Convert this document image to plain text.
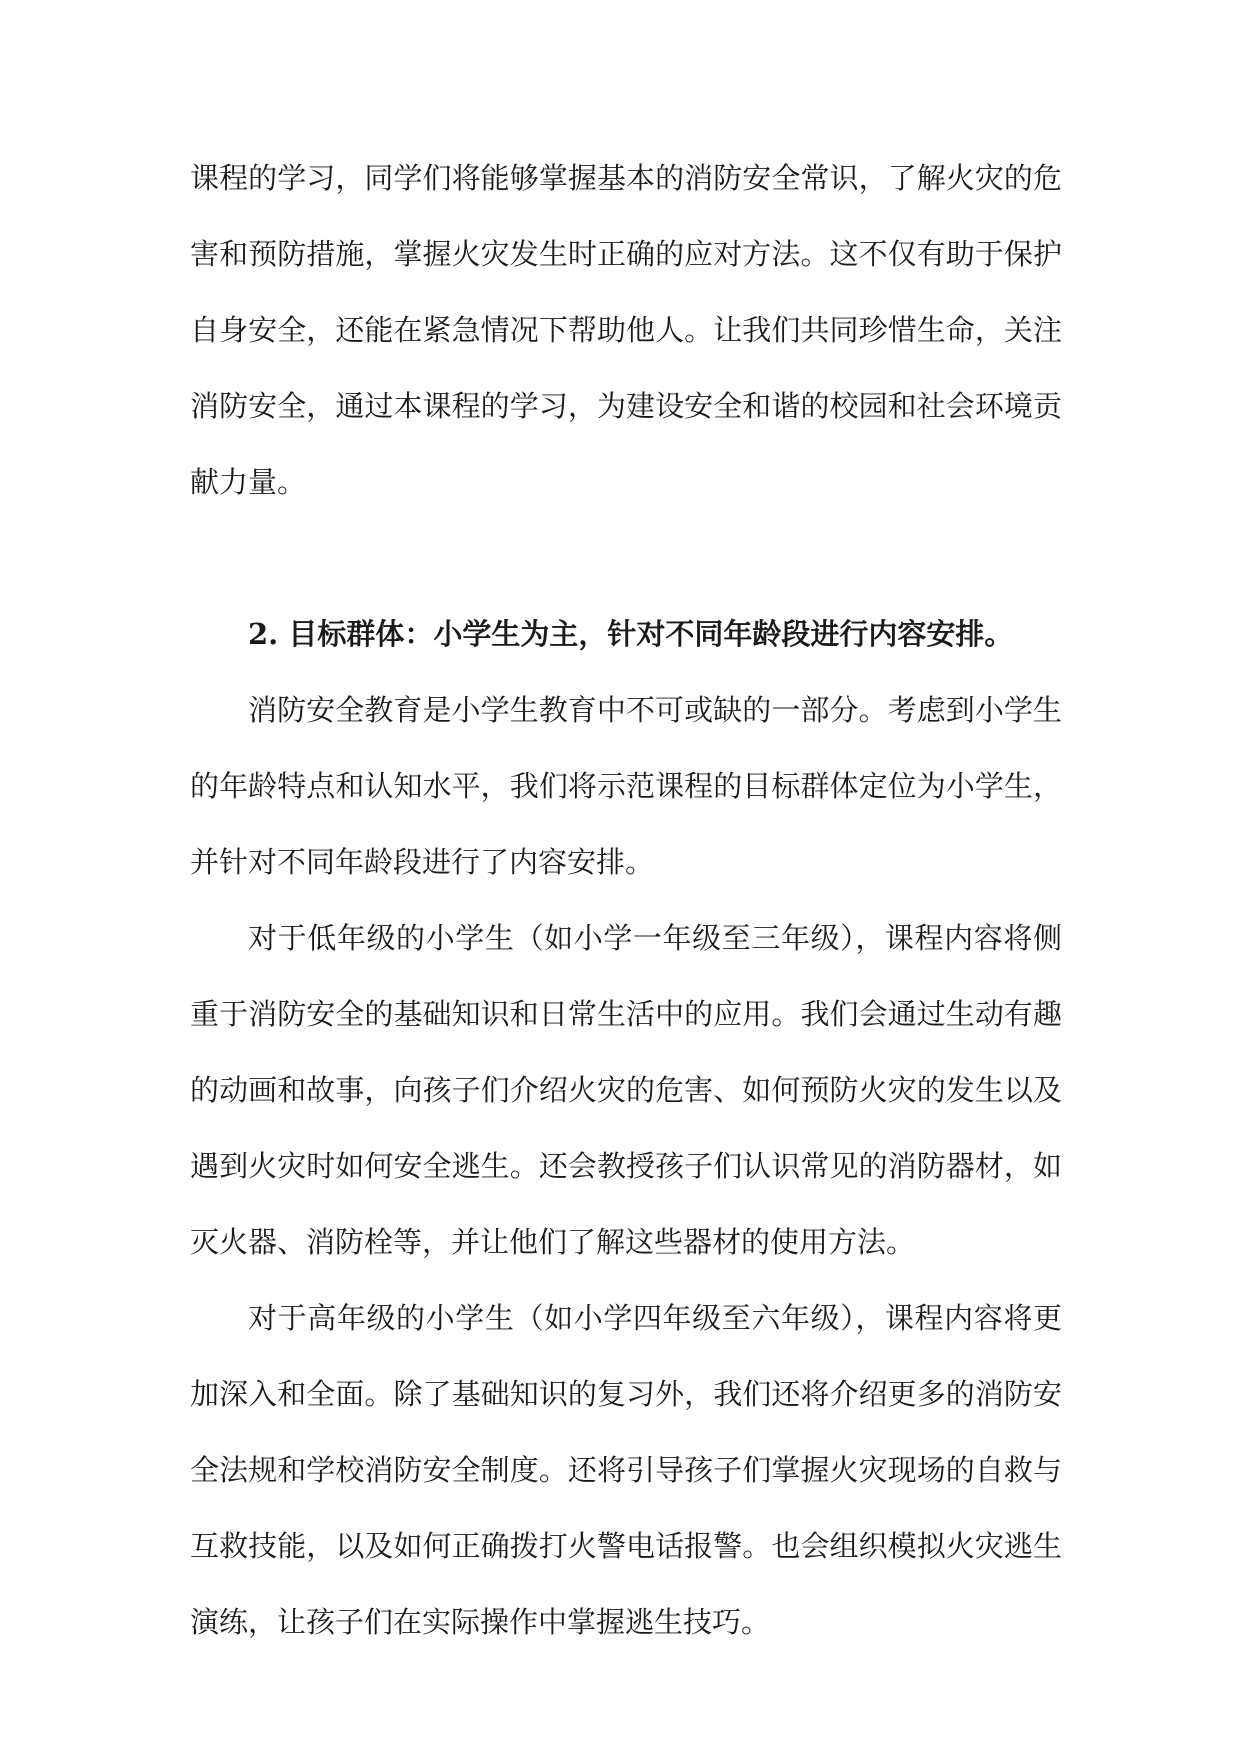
课程的学习，同学们将能够掌握基本的消防安全常识，了解火灾的危害和预防措施，掌握火灾发生时正确的应对方法。这不仅有助于保护自身安全，还能在紧急情况下帮助他人。让我们共同珍惜生命，关注消防安全，通过本课程的学习，为建设安全和谐的校园和社会环境贡献力量。

2. 目标群体：小学生为主，针对不同年龄段进行内容安排。

消防安全教育是小学生教育中不可或缺的一部分。考虑到小学生的年龄特点和认知水平，我们将示范课程的目标群体定位为小学生，并针对不同年龄段进行了内容安排。

对于低年级的小学生（如小学一年级至三年级），课程内容将侧重于消防安全的基础知识和日常生活中的应用。我们会通过生动有趣的动画和故事，向孩子们介绍火灾的危害、如何预防火灾的发生以及遇到火灾时如何安全逃生。还会教授孩子们认识常见的消防器材，如灭火器、消防栓等，并让他们了解这些器材的使用方法。

对于高年级的小学生（如小学四年级至六年级），课程内容将更加深入和全面。除了基础知识的复习外，我们还将介绍更多的消防安全法规和学校消防安全制度。还将引导孩子们掌握火灾现场的自救与互救技能，以及如何正确拨打火警电话报警。也会组织模拟火灾逃生演练，让孩子们在实际操作中掌握逃生技巧。
